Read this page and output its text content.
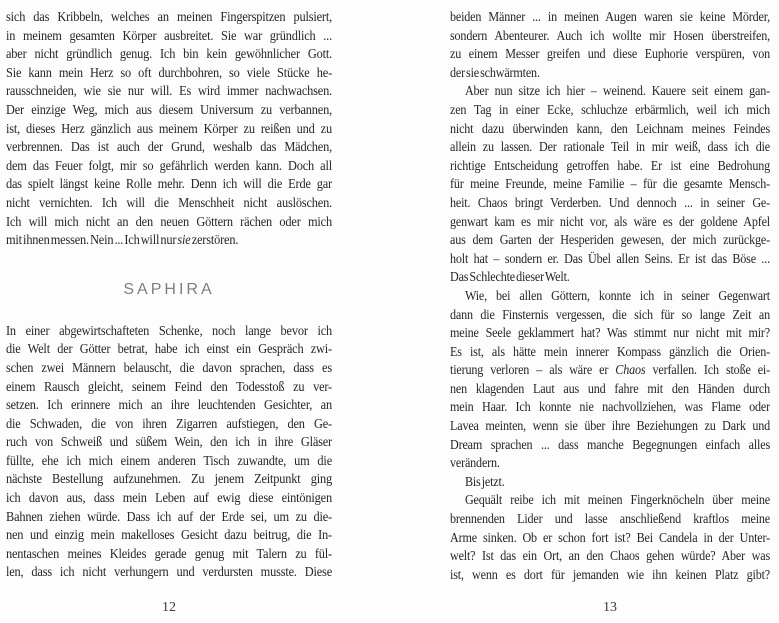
sich das Kribbeln, welches an meinen Fingerspitzen pulsiert,
in meinem gesamten Körper ausbreitet. Sie war gründlich ...
aber nicht gründlich genug. Ich bin kein gewöhnlicher Gott.
Sie kann mein Herz so oft durchbohren, so viele Stücke he-
rausschneiden, wie sie nur will. Es wird immer nachwachsen.
Der einzige Weg, mich aus diesem Universum zu verbannen,
ist, dieses Herz gänzlich aus meinem Körper zu reißen und zu
verbrennen. Das ist auch der Grund, weshalb das Mädchen,
dem das Feuer folgt, mir so gefährlich werden kann. Doch all
das spielt längst keine Rolle mehr. Denn ich will die Erde gar
nicht vernichten. Ich will die Menschheit nicht auslöschen.
Ich will mich nicht an den neuen Göttern rächen oder mich
mit ihnen messen. Nein ... Ich will nur sie zerstören.
SAPHIRA
In einer abgewirtschafteten Schenke, noch lange bevor ich
die Welt der Götter betrat, habe ich einst ein Gespräch zwi-
schen zwei Männern belauscht, die davon sprachen, dass es
einem Rausch gleicht, seinem Feind den Todesstoß zu ver-
setzen. Ich erinnere mich an ihre leuchtenden Gesichter, an
die Schwaden, die von ihren Zigarren aufstiegen, den Ge-
ruch von Schweiß und süßem Wein, den ich in ihre Gläser
füllte, ehe ich mich einem anderen Tisch zuwandte, um die
nächste Bestellung aufzunehmen. Zu jenem Zeitpunkt ging
ich davon aus, dass mein Leben auf ewig diese eintönigen
Bahnen ziehen würde. Dass ich auf der Erde sei, um zu die-
nen und einzig mein makelloses Gesicht dazu beitrug, die In-
nentaschen meines Kleides gerade genug mit Talern zu fül-
len, dass ich nicht verhungern und verdursten musste. Diese
12
beiden Männer ... in meinen Augen waren sie keine Mörder,
sondern Abenteurer. Auch ich wollte mir Hosen überstreifen,
zu einem Messer greifen und diese Euphorie verspüren, von
der sie schwärmten.
Aber nun sitze ich hier – weinend. Kauere seit einem gan-
zen Tag in einer Ecke, schluchze erbärmlich, weil ich mich
nicht dazu überwinden kann, den Leichnam meines Feindes
allein zu lassen. Der rationale Teil in mir weiß, dass ich die
richtige Entscheidung getroffen habe. Er ist eine Bedrohung
für meine Freunde, meine Familie – für die gesamte Mensch-
heit. Chaos bringt Verderben. Und dennoch ... in seiner Ge-
genwart kam es mir nicht vor, als wäre es der goldene Apfel
aus dem Garten der Hesperiden gewesen, der mich zurückge-
holt hat – sondern er. Das Übel allen Seins. Er ist das Böse ...
Das Schlechte dieser Welt.
Wie, bei allen Göttern, konnte ich in seiner Gegenwart
dann die Finsternis vergessen, die sich für so lange Zeit an
meine Seele geklammert hat? Was stimmt nur nicht mit mir?
Es ist, als hätte mein innerer Kompass gänzlich die Orien-
tierung verloren – als wäre er Chaos verfallen. Ich stoße ei-
nen klagenden Laut aus und fahre mit den Händen durch
mein Haar. Ich konnte nie nachvollziehen, was Flame oder
Lavea meinten, wenn sie über ihre Beziehungen zu Dark und
Dream sprachen ... dass manche Begegnungen einfach alles
verändern.
Bis jetzt.
Gequält reibe ich mit meinen Fingerknöcheln über meine
brennenden Lider und lasse anschließend kraftlos meine
Arme sinken. Ob er schon fort ist? Bei Candela in der Unter-
welt? Ist das ein Ort, an den Chaos gehen würde? Aber was
ist, wenn es dort für jemanden wie ihn keinen Platz gibt?
13
